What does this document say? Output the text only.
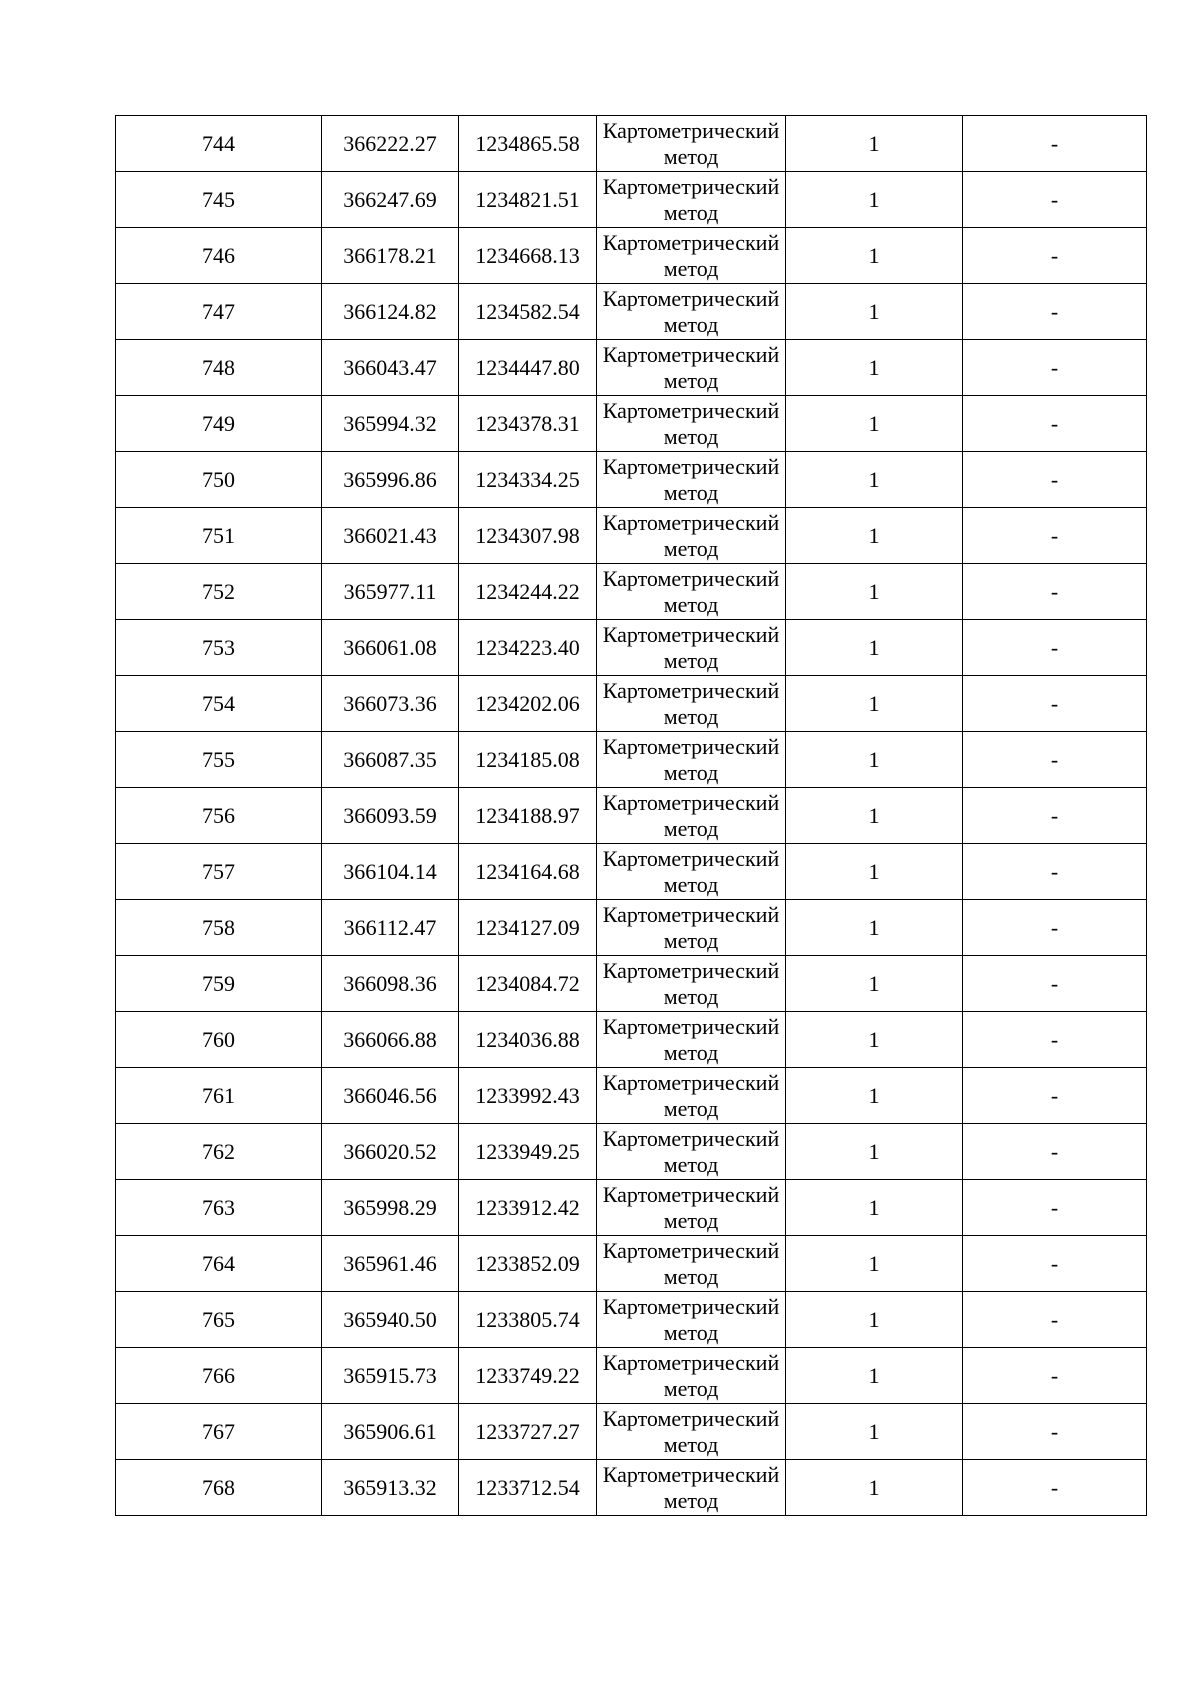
744	366222.27	1234865.58	Картометрический метод	1	-
745	366247.69	1234821.51	Картометрический метод	1	-
746	366178.21	1234668.13	Картометрический метод	1	-
747	366124.82	1234582.54	Картометрический метод	1	-
748	366043.47	1234447.80	Картометрический метод	1	-
749	365994.32	1234378.31	Картометрический метод	1	-
750	365996.86	1234334.25	Картометрический метод	1	-
751	366021.43	1234307.98	Картометрический метод	1	-
752	365977.11	1234244.22	Картометрический метод	1	-
753	366061.08	1234223.40	Картометрический метод	1	-
754	366073.36	1234202.06	Картометрический метод	1	-
755	366087.35	1234185.08	Картометрический метод	1	-
756	366093.59	1234188.97	Картометрический метод	1	-
757	366104.14	1234164.68	Картометрический метод	1	-
758	366112.47	1234127.09	Картометрический метод	1	-
759	366098.36	1234084.72	Картометрический метод	1	-
760	366066.88	1234036.88	Картометрический метод	1	-
761	366046.56	1233992.43	Картометрический метод	1	-
762	366020.52	1233949.25	Картометрический метод	1	-
763	365998.29	1233912.42	Картометрический метод	1	-
764	365961.46	1233852.09	Картометрический метод	1	-
765	365940.50	1233805.74	Картометрический метод	1	-
766	365915.73	1233749.22	Картометрический метод	1	-
767	365906.61	1233727.27	Картометрический метод	1	-
768	365913.32	1233712.54	Картометрический метод	1	-
